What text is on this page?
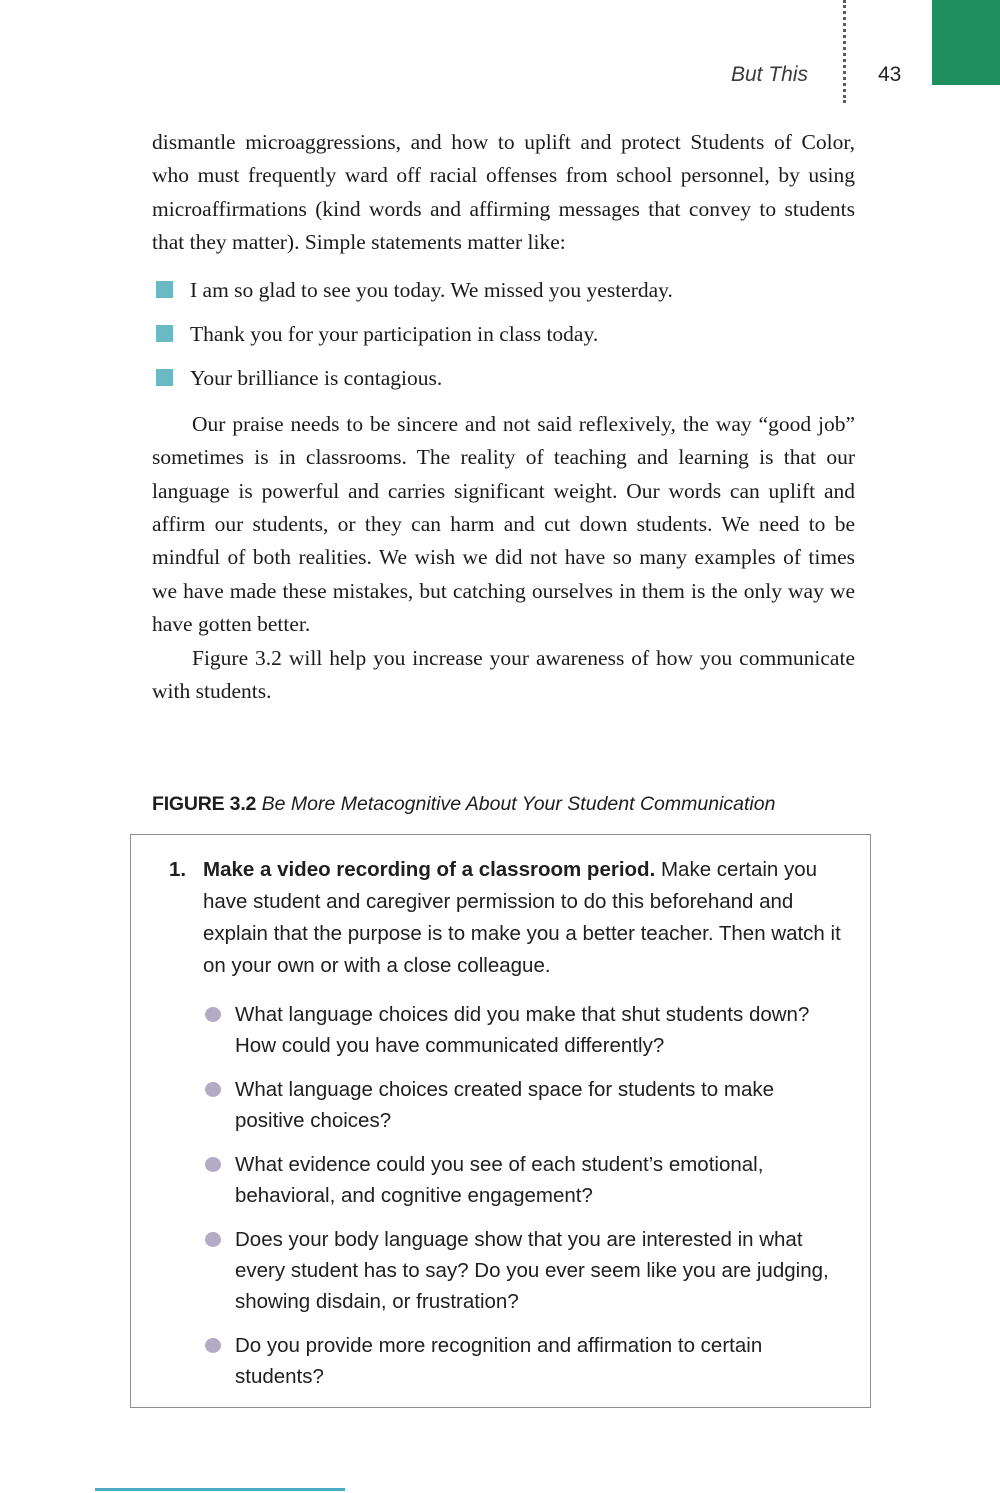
But This	43

dismantle microaggressions, and how to uplift and protect Students of Color, who must frequently ward off racial offenses from school personnel, by using microaffirmations (kind words and affirming messages that convey to students that they matter). Simple statements matter like:

I am so glad to see you today. We missed you yesterday.
Thank you for your participation in class today.
Your brilliance is contagious.

Our praise needs to be sincere and not said reflexively, the way “good job” sometimes is in classrooms. The reality of teaching and learning is that our language is powerful and carries significant weight. Our words can uplift and affirm our students, or they can harm and cut down students. We need to be mindful of both realities. We wish we did not have so many examples of times we have made these mistakes, but catching ourselves in them is the only way we have gotten better.

Figure 3.2 will help you increase your awareness of how you communicate with students.

FIGURE 3.2 Be More Metacognitive About Your Student Communication
1. Make a video recording of a classroom period. Make certain you have student and caregiver permission to do this beforehand and explain that the purpose is to make you a better teacher. Then watch it on your own or with a close colleague.
What language choices did you make that shut students down? How could you have communicated differently?
What language choices created space for students to make positive choices?
What evidence could you see of each student’s emotional, behavioral, and cognitive engagement?
Does your body language show that you are interested in what every student has to say? Do you ever seem like you are judging, showing disdain, or frustration?
Do you provide more recognition and affirmation to certain students?
